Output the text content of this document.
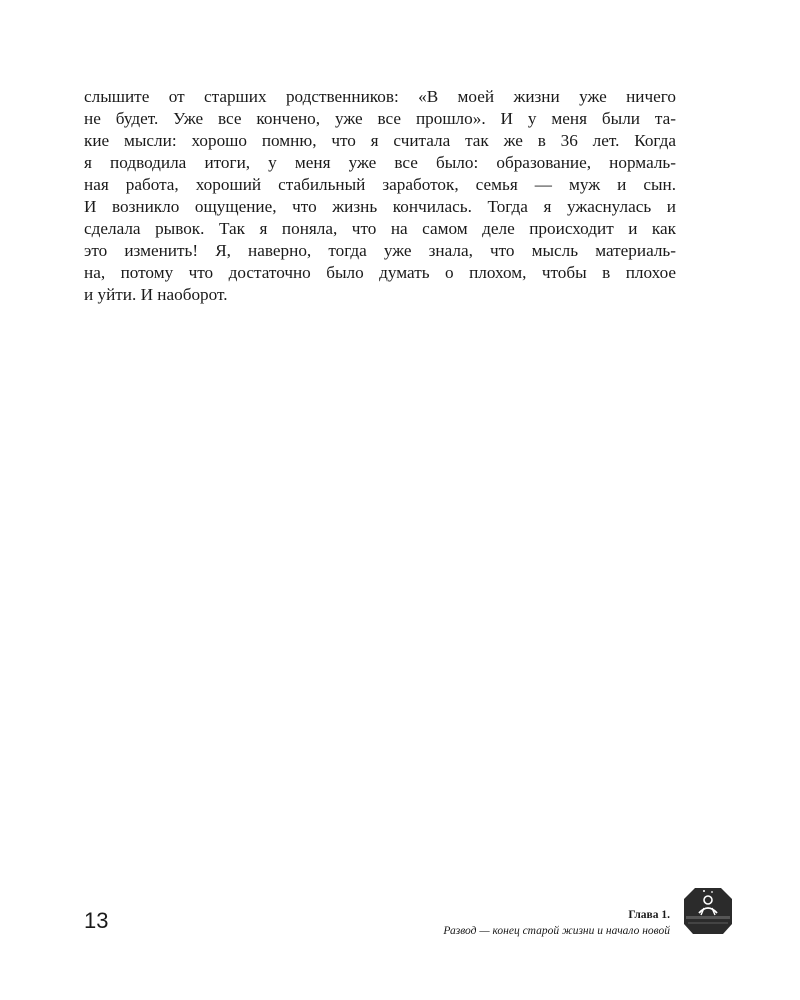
слышите от старших родственников: «В моей жизни уже ничего
не будет. Уже все кончено, уже все прошло». И у меня были та-
кие мысли: хорошо помню, что я считала так же в 36 лет. Когда
я подводила итоги, у меня уже все было: образование, нормаль-
ная работа, хороший стабильный заработок, семья — муж и сын.
И возникло ощущение, что жизнь кончилась. Тогда я ужаснулась и
сделала рывок. Так я поняла, что на самом деле происходит и как
это изменить! Я, наверно, тогда уже знала, что мысль материаль-
на, потому что достаточно было думать о плохом, чтобы в плохое
и уйти. И наоборот.
13	Глава 1.
Развод — конец старой жизни и начало новой
